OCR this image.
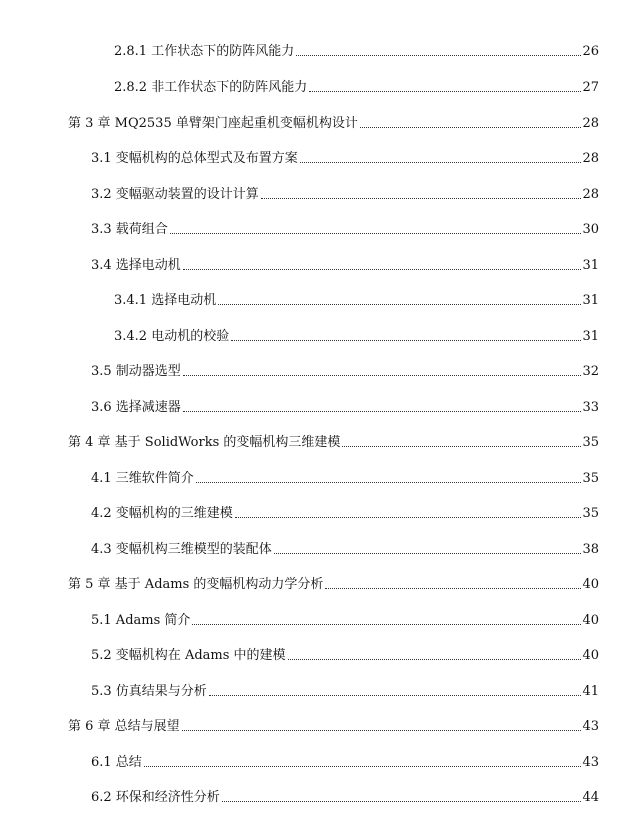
2.8.1 工作状态下的防阵风能力	26
2.8.2 非工作状态下的防阵风能力	27
第 3 章 MQ2535 单臂架门座起重机变幅机构设计	28
3.1 变幅机构的总体型式及布置方案	28
3.2 变幅驱动装置的设计计算	28
3.3 载荷组合	30
3.4 选择电动机	31
3.4.1 选择电动机	31
3.4.2 电动机的校验	31
3.5 制动器选型	32
3.6 选择减速器	33
第 4 章 基于 SolidWorks 的变幅机构三维建模	35
4.1 三维软件简介	35
4.2 变幅机构的三维建模	35
4.3 变幅机构三维模型的装配体	38
第 5 章 基于 Adams 的变幅机构动力学分析	40
5.1 Adams 简介	40
5.2 变幅机构在 Adams 中的建模	40
5.3 仿真结果与分析	41
第 6 章 总结与展望	43
6.1 总结	43
6.2 环保和经济性分析	44
